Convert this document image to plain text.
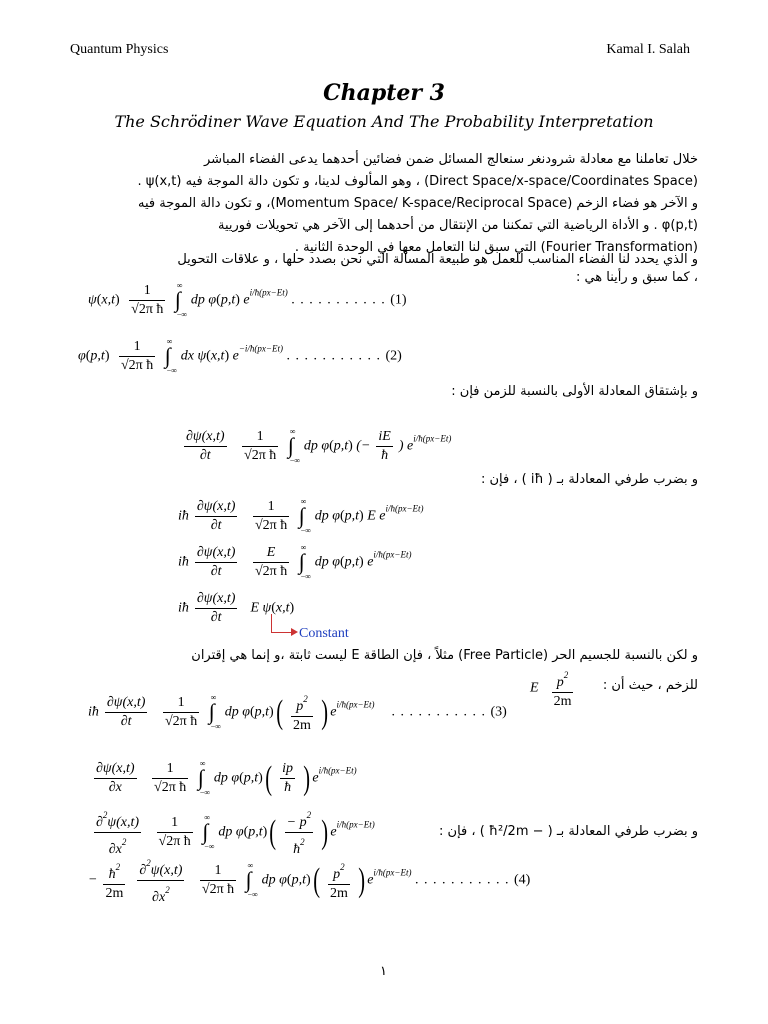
Quantum Physics	Kamal I. Salah
Chapter 3
The Schrödiner Wave Equation And The Probability Interpretation
خلال تعاملنا مع معادلة شرودنغر سنعالج المسائل ضمن فضائين أحدهما يدعى الفضاء المباشر
(Direct Space/x-space/Coordinates Space) ، وهو المألوف لدينا، و تكون دالة الموجة فيه ψ(x,t) .
و الآخر هو فضاء الزخم (Momentum Space/ K-space/Reciprocal Space)، و تكون دالة الموجة فيه
φ(p,t) . و الأداة الرياضية التي تمكننا من الإنتقال من أحدهما إلى الآخر هي تحويلات فوريية
(Fourier Transformation) التي سبق لنا التعامل معها في الوحدة الثانية .
و الذي يحدد لنا الفضاء المناسب للعمل هو طبيعة المسألة التي نحن بصدد حلها ، و علاقات التحويل
، كما سبق و رأينا هي :
$\psi(x,t) \frac{1}{\text{√2π ħ}}$
∫
∞
−∞
dp φ(p,t) $e^{i/ħ(px-Et)}$ . . . . . . . . . . . (1)
$\varphi(p,t) \frac{1}{\text{√2π ħ}}$
∫
∞
−∞
dx ψ(x,t) $e^{-i/ħ(px-Et)}$ . . . . . . . . . . . (2)
و بإشتقاق المعادلة الأولى بالنسبة للزمن فإن :
$\frac{\partial\psi(x,t)}{\partial t}$
$\frac{1}{\text{√2π ħ}}$
∫
∞
−∞
dp φ(p,t) (− $\frac{iE}{ħ}$ ) $e^{i/ħ(px-Et)}$
و بضرب طرفي المعادلة بـ ( iħ ) ، فإن :
iħ $\frac{\partial\psi(x,t)}{\partial t}$
$\frac{1}{\text{√2π ħ}}$
∫
∞
−∞
dp φ(p,t) E $e^{i/ħ(px-Et)}$
iħ $\frac{\partial\psi(x,t)}{\partial t}$
$\frac{E}{\text{√2π ħ}}$
∫
∞
−∞
dp φ(p,t) $e^{i/ħ(px-Et)}$
iħ $\frac{\partial\psi(x,t)}{\partial t}$ E ψ(x,t)
Constant
و لكن بالنسبة للجسيم الحر (Free Particle) مثلاً ، فإن الطاقة E ليست ثابتة ،و إنما هي إقتران
للزخم ، حيث أن :
E $\frac{p^2}{2m}$
iħ $\frac{\partial\psi(x,t)}{\partial t}$
$\frac{1}{\text{√2π ħ}}$
∫
∞
−∞
dp $\varphi(p,t)( \frac{p^2}{2m}$ ) $e^{i/ħ(px-Et)}$    . . . . . . . . . . . (3)
$\frac{\partial\psi(x,t)}{\partial x}$
$\frac{1}{\text{√2π ħ}}$
∫
∞
−∞
dp $\varphi(p,t)( \frac{ip}{ħ}$ ) $e^{i/ħ(px-Et)}$
$\frac{\partial^2\psi(x,t)}{\partial x^2}$
$\frac{1}{\text{√2π ħ}}$
∫
∞
−∞
dp $\varphi(p,t)( \frac{- p^2}{ħ^2}$ ) $e^{i/ħ(px-Et)}$	و بضرب طرفي المعادلة بـ ( − ħ²/2m ) ، فإن :
− $\frac{ħ^2}{2m} \frac{\partial^2\psi(x,t)}{\partial x^2}$
$\frac{1}{\text{√2π ħ}}$
∫
∞
−∞
dp $\varphi(p,t)( \frac{p^2}{2m}$ ) $e^{i/ħ(px-Et)}$ . . . . . . . . . . . (4)
١
